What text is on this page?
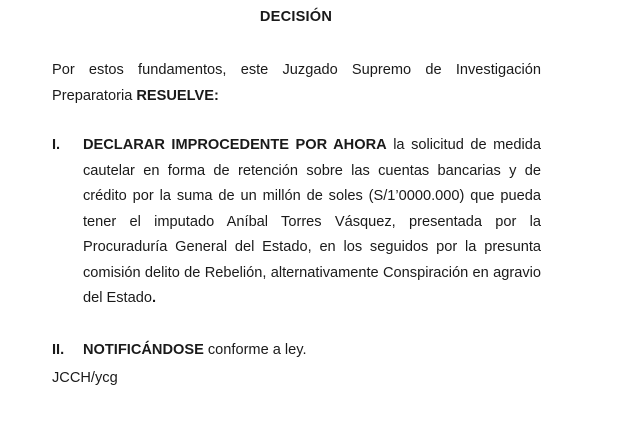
DECISIÓN
Por estos fundamentos, este Juzgado Supremo de Investigación Preparatoria RESUELVE:
I. DECLARAR IMPROCEDENTE POR AHORA la solicitud de medida cautelar en forma de retención sobre las cuentas bancarias y de crédito por la suma de un millón de soles (S/1’0000.000) que pueda tener el imputado Aníbal Torres Vásquez, presentada por la Procuraduría General del Estado, en los seguidos por la presunta comisión delito de Rebelión, alternativamente Conspiración en agravio del Estado.
II. NOTIFICÁNDOSE conforme a ley.
JCCH/ycg
